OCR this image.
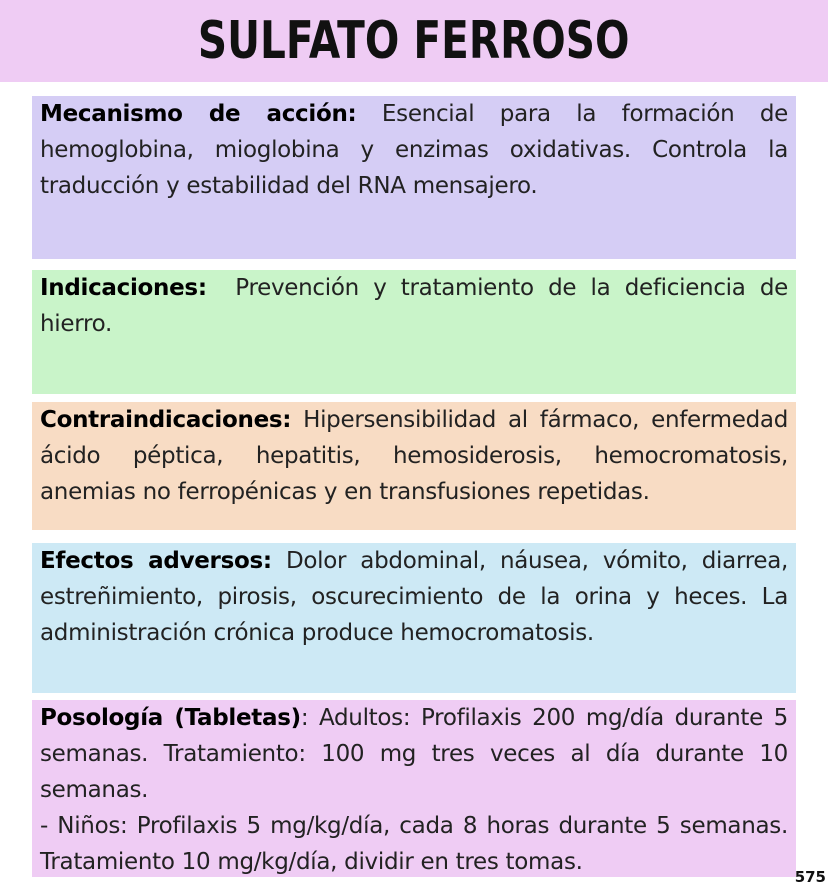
SULFATO FERROSO

Mecanismo de acción: Esencial para la formación de hemoglobina, mioglobina y enzimas oxidativas. Controla la traducción y estabilidad del RNA mensajero.

Indicaciones:  Prevención y tratamiento de la deficiencia de hierro.

Contraindicaciones: Hipersensibilidad al fármaco, enfermedad ácido péptica, hepatitis, hemosiderosis, hemocromatosis, anemias no ferropénicas y en transfusiones repetidas.

Efectos adversos: Dolor abdominal, náusea, vómito, diarrea, estreñimiento, pirosis, oscurecimiento de la orina y heces. La administración crónica produce hemocromatosis.

Posología (Tabletas): Adultos: Profilaxis 200 mg/día durante 5 semanas. Tratamiento: 100 mg tres veces al día durante 10 semanas.

- Niños: Profilaxis 5 mg/kg/día, cada 8 horas durante 5 semanas. Tratamiento 10 mg/kg/día, dividir en tres tomas.

575
